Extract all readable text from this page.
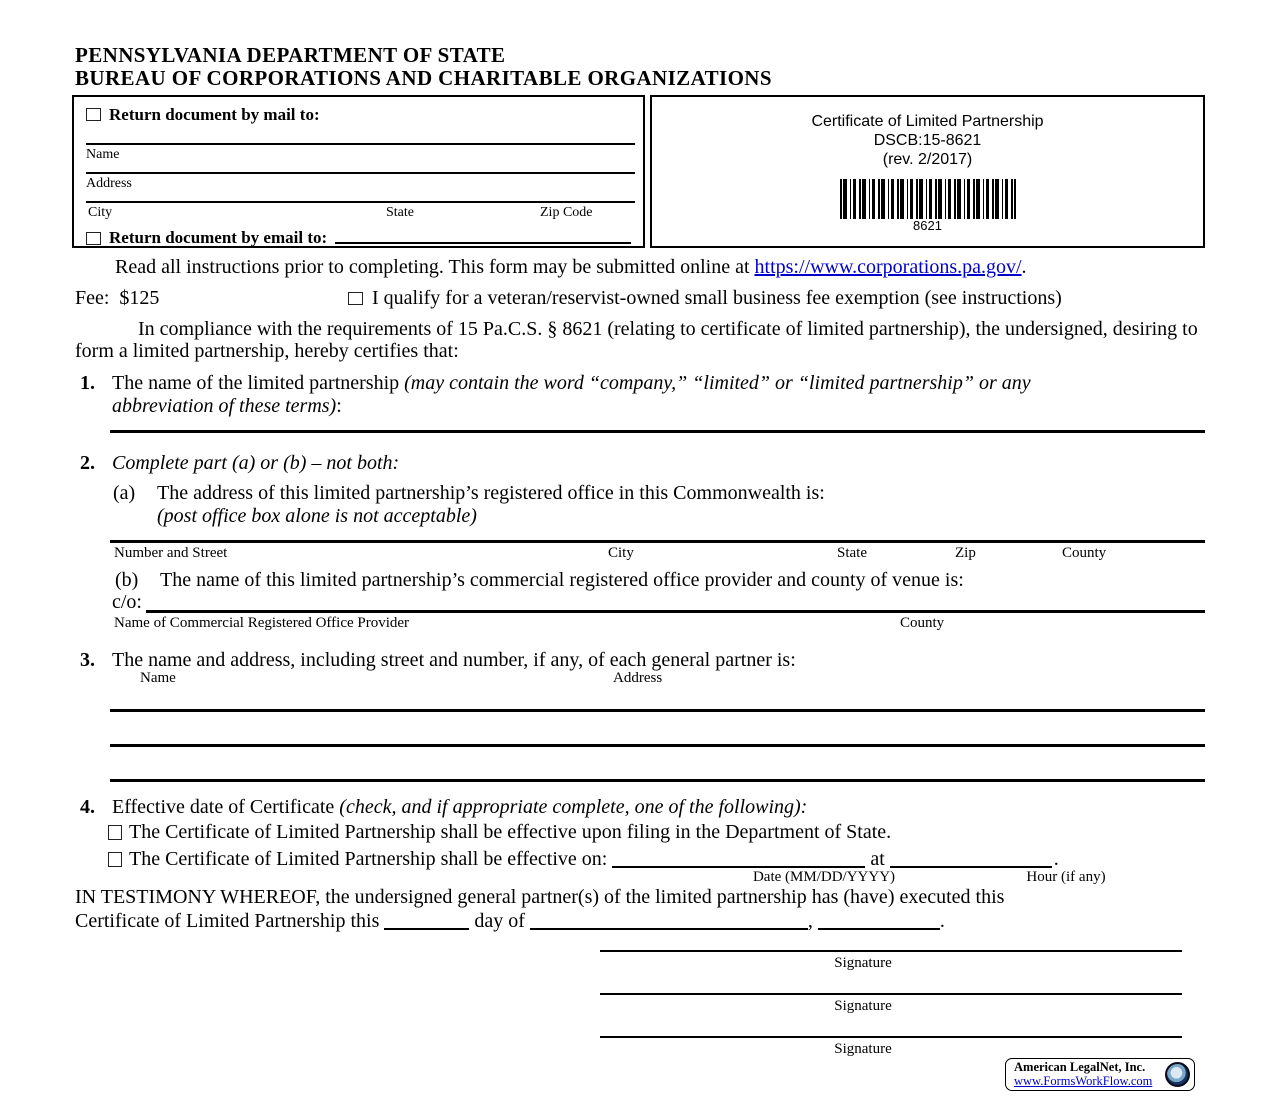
PENNSYLVANIA DEPARTMENT OF STATE
BUREAU OF CORPORATIONS AND CHARITABLE ORGANIZATIONS
Return document by mail to:
Name
Address
City	State	Zip Code
Return document by email to:
Certificate of Limited Partnership
DSCB:15-8621
(rev. 2/2017)
8621
Read all instructions prior to completing. This form may be submitted online at https://www.corporations.pa.gov/.
Fee:  $125	I qualify for a veteran/reservist-owned small business fee exemption (see instructions)
In compliance with the requirements of 15 Pa.C.S. § 8621 (relating to certificate of limited partnership), the undersigned, desiring to form a limited partnership, hereby certifies that:
1. The name of the limited partnership (may contain the word “company,” “limited” or “limited partnership” or any
abbreviation of these terms):
2. Complete part (a) or (b) – not both:
(a)	The address of this limited partnership’s registered office in this Commonwealth is:
(post office box alone is not acceptable)
Number and Street	City	State	Zip	County
(b)	The name of this limited partnership’s commercial registered office provider and county of venue is:
c/o:
Name of Commercial Registered Office Provider	County
3. The name and address, including street and number, if any, of each general partner is:
Name	Address
4. Effective date of Certificate (check, and if appropriate complete, one of the following):
The Certificate of Limited Partnership shall be effective upon filing in the Department of State.
The Certificate of Limited Partnership shall be effective on:	at	.
Date (MM/DD/YYYY)	Hour (if any)
IN TESTIMONY WHEREOF, the undersigned general partner(s) of the limited partnership has (have) executed this
Certificate of Limited Partnership this	day of	,	.
Signature
Signature
Signature
American LegalNet, Inc.
www.FormsWorkFlow.com
